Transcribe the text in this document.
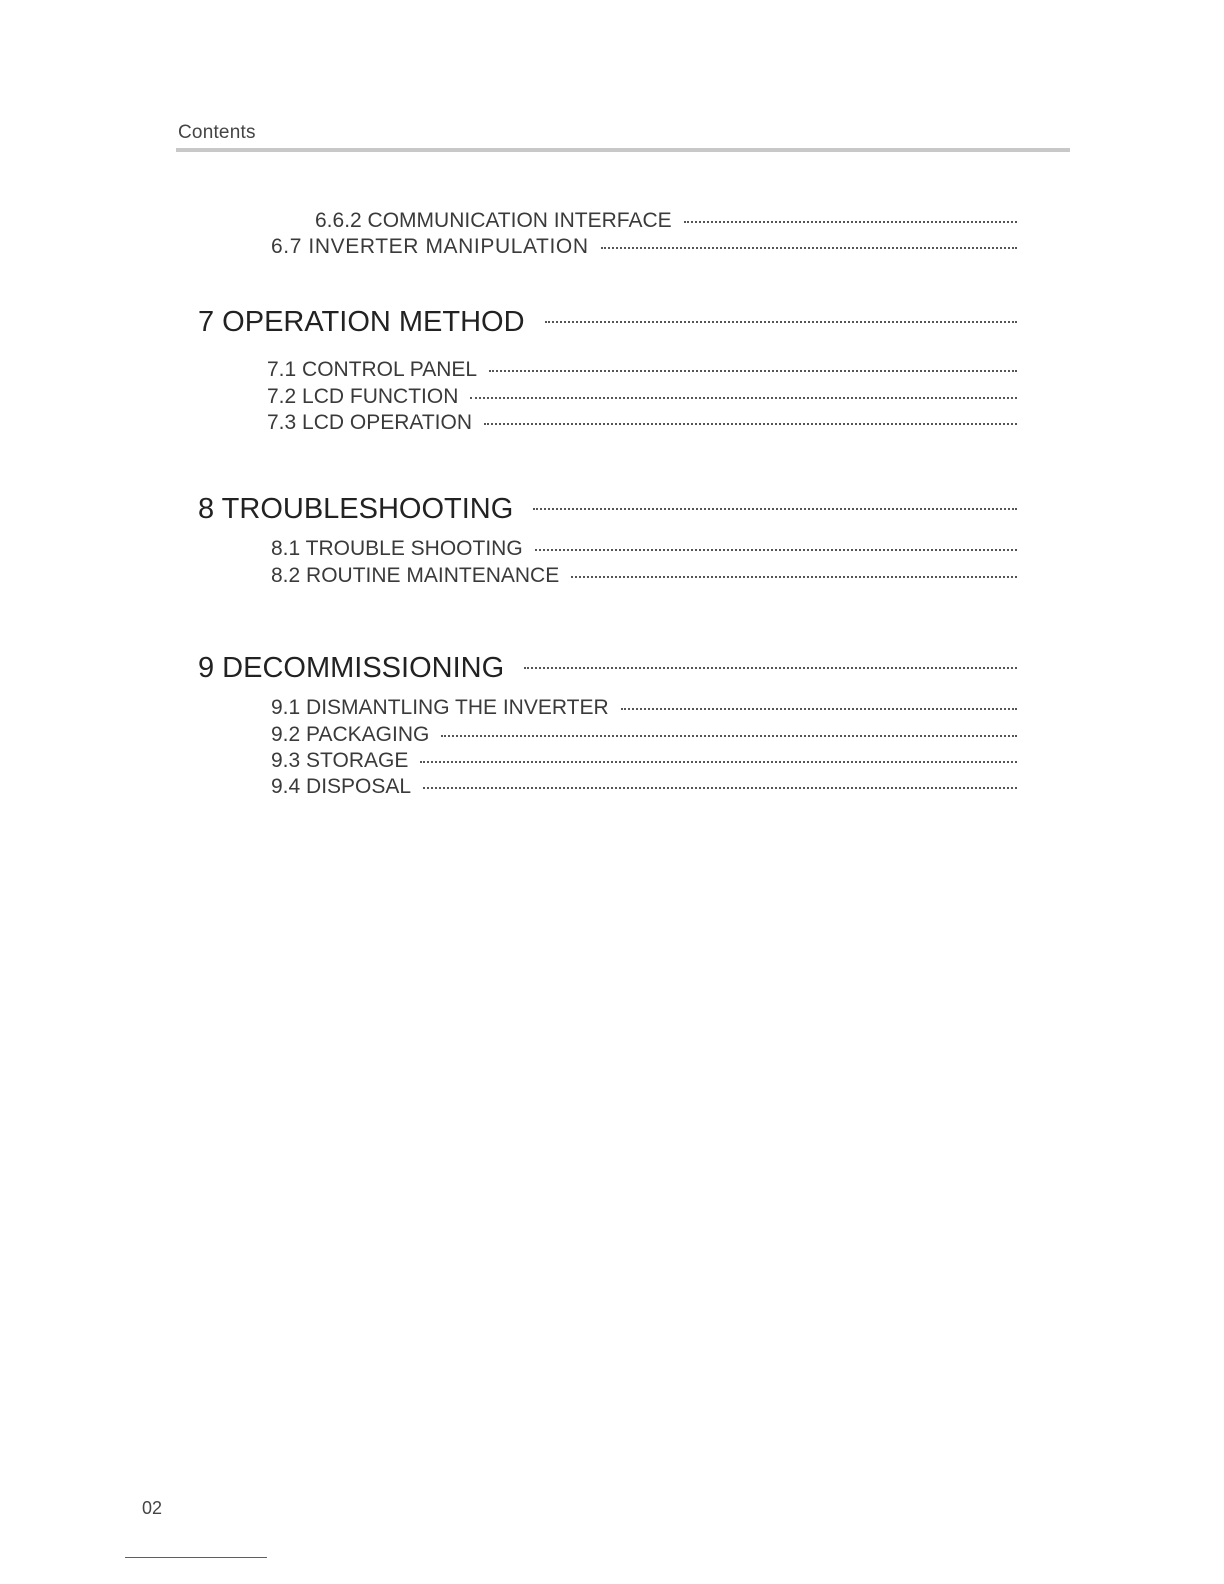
Contents
6.6.2 COMMUNICATION INTERFACE
6.7 INVERTER MANIPULATION
7 OPERATION METHOD
7.1 CONTROL PANEL
7.2 LCD FUNCTION
7.3 LCD OPERATION
8 TROUBLESHOOTING
8.1 TROUBLE SHOOTING
8.2 ROUTINE MAINTENANCE
9 DECOMMISSIONING
9.1 DISMANTLING THE INVERTER
9.2 PACKAGING
9.3 STORAGE
9.4 DISPOSAL
02
